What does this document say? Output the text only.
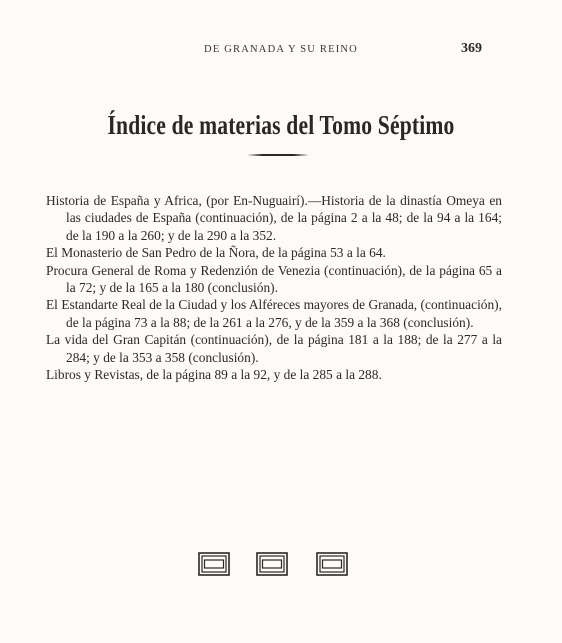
DE GRANADA Y SU REINO	369
Índice de materias del Tomo Séptimo

Historia de España y Africa, (por En-Nuguairí).—Historia de la dinastía Omeya en las ciudades de España (continuación), de la página 2 a la 48; de la 94 a la 164; de la 190 a la 260; y de la 290 a la 352.

El Monasterio de San Pedro de la Ñora, de la página 53 a la 64.

Procura General de Roma y Redenzión de Venezia (continuación), de la página 65 a la 72; y de la 165 a la 180 (conclusión).

El Estandarte Real de la Ciudad y los Alféreces mayores de Granada, (continuación), de la página 73 a la 88; de la 261 a la 276, y de la 359 a la 368 (conclusión).

La vida del Gran Capitán (continuación), de la página 181 a la 188; de la 277 a la 284; y de la 353 a 358 (conclusión).

Libros y Revistas, de la página 89 a la 92, y de la 285 a la 288.
